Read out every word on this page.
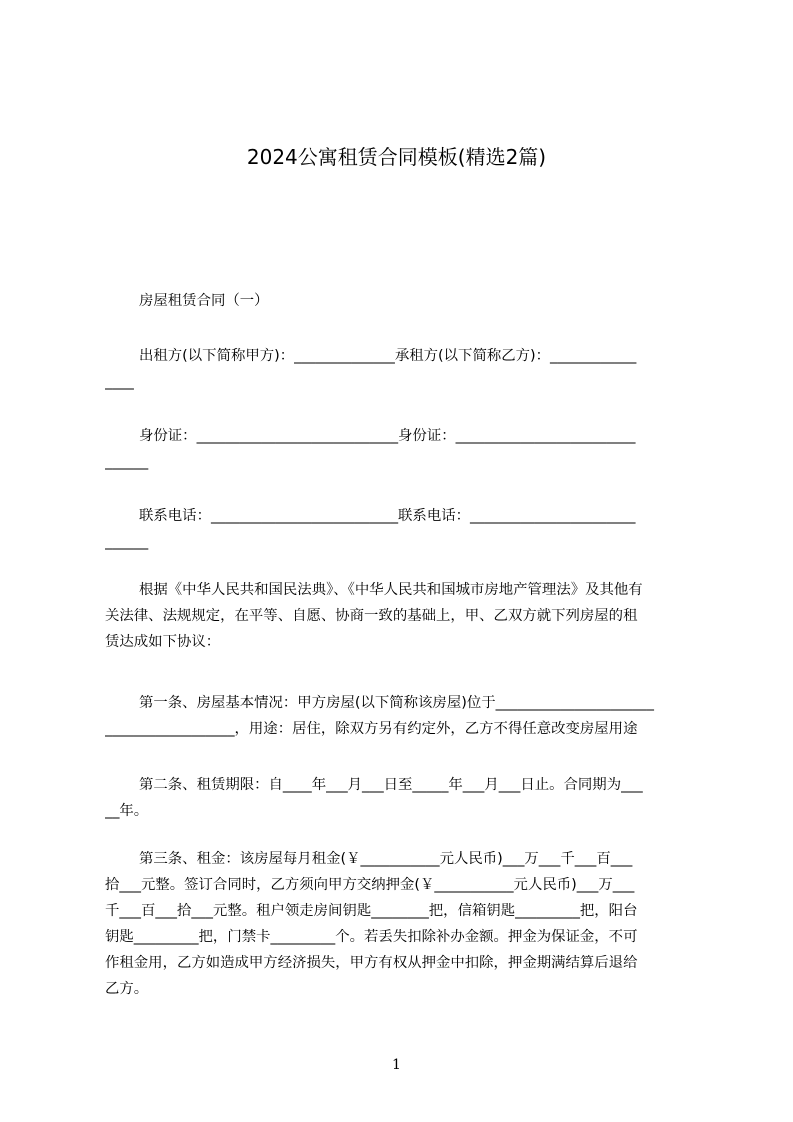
2024公寓租赁合同模板(精选2篇)
房屋租赁合同（一）
出租方(以下简称甲方)：______________承租方(以下简称乙方)：____________
____
身份证：____________________________身份证：_________________________
______
联系电话：__________________________联系电话：_______________________
______
根据《中华人民共和国民法典》、《中华人民共和国城市房地产管理法》及其他有
关法律、法规规定，在平等、自愿、协商一致的基础上，甲、乙双方就下列房屋的租
赁达成如下协议：
第一条、房屋基本情况：甲方房屋(以下简称该房屋)位于______________________
__________________，用途：居住，除双方另有约定外，乙方不得任意改变房屋用途
第二条、租赁期限：自____年___月___日至_____年___月___日止。合同期为___
__年。
第三条、租金：该房屋每月租金(￥___________元人民币)___万___千___百___
拾___元整。签订合同时，乙方须向甲方交纳押金(￥___________元人民币)___万___
千___百___拾___元整。租户领走房间钥匙________把，信箱钥匙_________把，阳台
钥匙_________把，门禁卡_________个。若丢失扣除补办金额。押金为保证金，不可
作租金用，乙方如造成甲方经济损失，甲方有权从押金中扣除，押金期满结算后退给
乙方。
1
